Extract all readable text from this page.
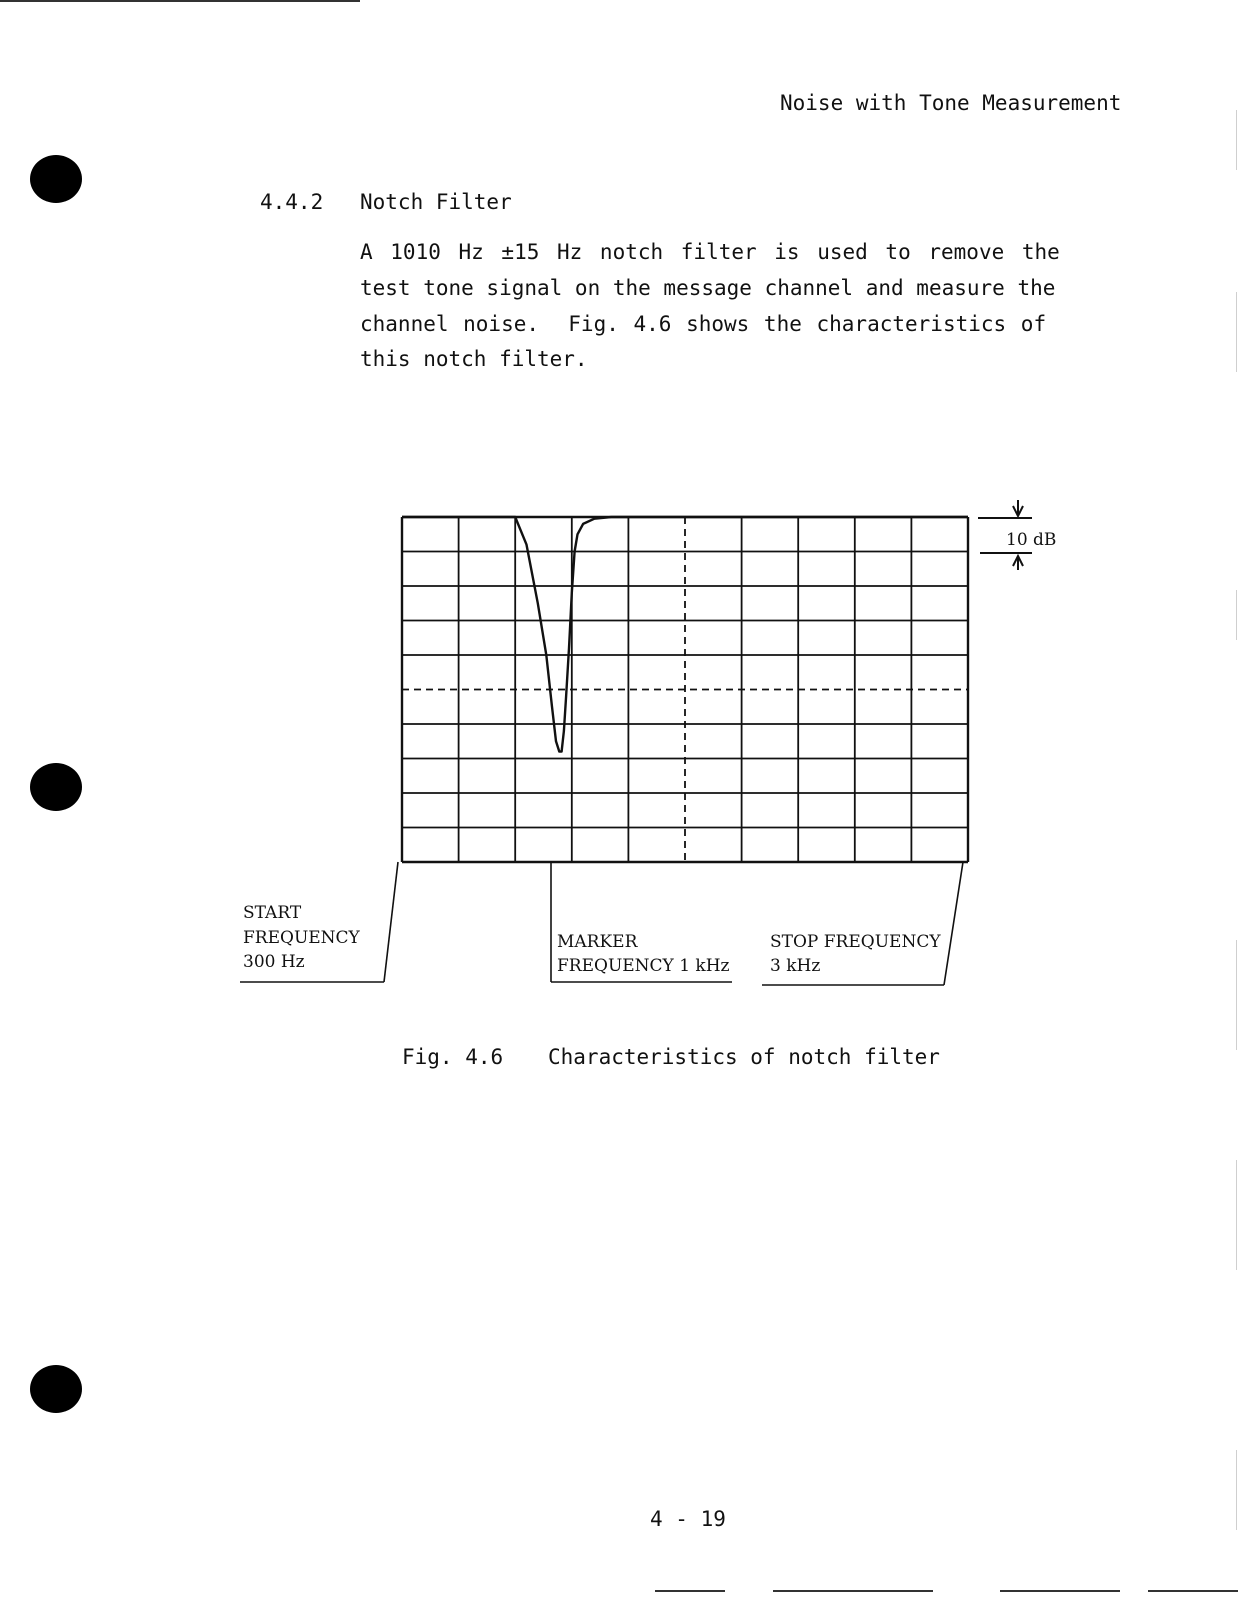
Noise with Tone Measurement

4.4.2 Notch Filter

A 1010 Hz ±15 Hz notch filter is used to remove the

test tone signal on the message channel and measure the

channel noise.  Fig. 4.6 shows the characteristics of

this notch filter.

10 dB
START
FREQUENCY
300 Hz
MARKER
FREQUENCY 1 kHz
STOP FREQUENCY
3 kHz

Fig. 4.6 Characteristics of notch filter

4 - 19
